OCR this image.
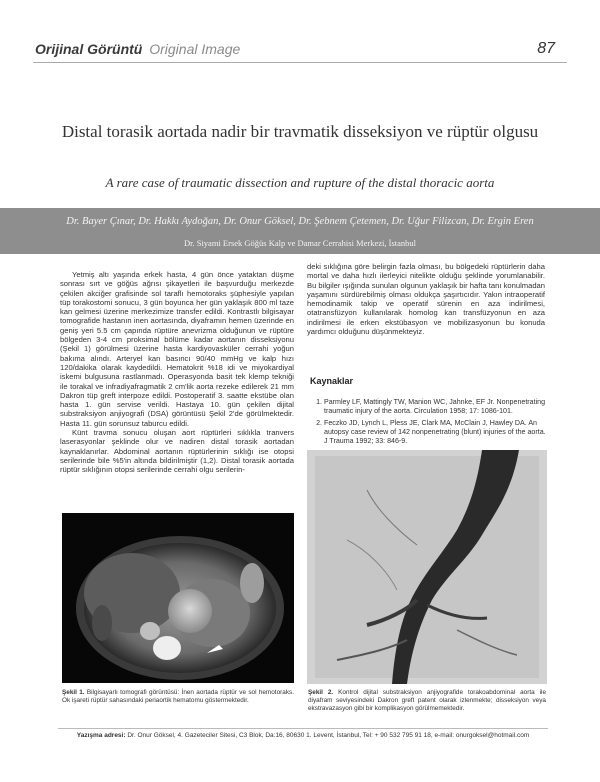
Orijinal Görüntü Original Image	87
Distal torasik aortada nadir bir travmatik disseksiyon ve rüptür olgusu
A rare case of traumatic dissection and rupture of the distal thoracic aorta
Dr. Bayer Çınar, Dr. Hakkı Aydoğan, Dr. Onur Göksel, Dr. Şebnem Çetemen, Dr. Uğur Filizcan, Dr. Ergin Eren
Dr. Siyami Ersek Göğüs Kalp ve Damar Cerrahisi Merkezi, İstanbul

Yetmiş altı yaşında erkek hasta, 4 gün önce yataktan düşme sonrası sırt ve göğüs ağrısı şikayetleri ile başvurduğu merkezde çekilen akciğer grafisinde sol taraflı hemotoraks şüphesiyle yapılan tüp torakostomi sonucu, 3 gün boyunca her gün yaklaşık 800 ml taze kan gelmesi üzerine merkezimize transfer edildi. Kontrastlı bilgisayar tomografide hastanın inen aortasında, diyaframın hemen üzerinde en geniş yeri 5.5 cm çapında rüptüre anevrizma olduğunun ve rüptüre bölgeden 3-4 cm proksimal bölüme kadar aortanın disseksiyonu (Şekil 1) görülmesi üzerine hasta kardiyovasküler cerrahi yoğun bakıma alındı. Arteryel kan basıncı 90/40 mmHg ve kalp hızı 120/dakika olarak kaydedildi. Hematokrit %18 idi ve miyokardiyal iskemi bulgusuna rastlanmadı. Operasyonda basit tek klemp tekniği ile torakal ve infradiyafragmatik 2 cm'lik aorta rezeke edilerek 21 mm Dakron tüp greft interpoze edildi. Postoperatif 3. saatte ekstübe olan hasta 1. gün servise verildi. Hastaya 10. gün çekilen dijital substraksiyon anjiyografi (DSA) görüntüsü Şekil 2'de görülmektedir. Hasta 11. gün sorunsuz taburcu edildi.

Künt travma sonucu oluşan aort rüptürleri sıklıkla tranvers laserasyonlar şeklinde olur ve nadiren distal torasik aortadan kaynaklanırlar. Abdominal aortanın rüptürlerinin sıklığı ise otopsi serilerinde bile %5'in altında bildirilmiştir (1,2). Distal torasik aortada rüptür sıklığının otopsi serilerinde cerrahi olgu serilerin-

deki sıklığına göre belirgin fazla olması, bu bölgedeki rüptürlerin daha mortal ve daha hızlı ilerleyici nitelikte olduğu şeklinde yorumlanabilir. Bu bilgiler ışığında sunulan olgunun yaklaşık bir hafta tanı konulmadan yaşamını sürdürebilmiş olması oldukça şaşırtıcıdır. Yakın intraoperatif hemodinamik takip ve operatif sürenin en aza indirilmesi, otatransfüzyon kullanılarak homolog kan transfüzyonun en aza indirilmesi ile erken ekstübasyon ve mobilizasyonun bu konuda yardımcı olduğunu düşünmekteyiz.

Kaynaklar
1. Parmley LF, Mattingly TW, Manion WC, Jahnke, EF Jr. Nonpenetrating traumatic injury of the aorta. Circulation 1958; 17: 1086-101.
2. Feczko JD, Lynch L, Pless JE, Clark MA, McClain J, Hawley DA. An autopsy case review of 142 nonpenetrating (blunt) injuries of the aorta. J Trauma 1992; 33: 846-9.
Şekil 1. Bilgisayarlı tomografi görüntüsü: İnen aortada rüptür ve sol hemotoraks. Ok işareti rüptür sahasındaki periaortik hematomu göstermektedir.
Şekil 2. Kontrol dijital substraksiyon anjiyografide torakoabdominal aorta ile diyafram seviyesindeki Dakron greft patent olarak izlenmekte; disseksiyon veya ekstravazasyon gibi bir komplikasyon görülmemektedir.
Yazışma adresi: Dr. Onur Göksel, 4. Gazeteciler Sitesi, C3 Blok, Da:16, 80630 1. Levent, İstanbul, Tel: + 90 532 795 91 18, e-mail: onurgoksel@hotmail.com
